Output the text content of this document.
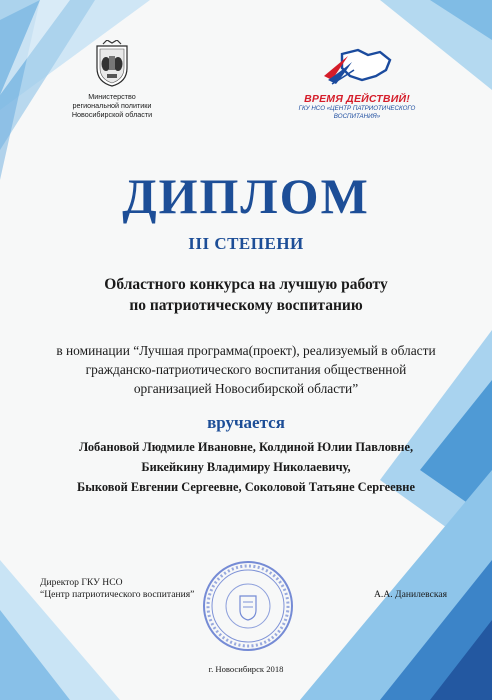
Министерство
региональной политики
Новосибирской области
ВРЕМЯ ДЕЙСТВИЙ!
ГКУ НСО «ЦЕНТР ПАТРИОТИЧЕСКОГО
ВОСПИТАНИЯ»
ДИПЛОМ
III СТЕПЕНИ
Областного конкурса на лучшую работу
по патриотическому воспитанию
в номинации “Лучшая программа(проект), реализуемый в области
гражданско-патриотического воспитания общественной
организацией Новосибирской области”
вручается
Лобановой Людмиле Ивановне, Колдиной Юлии Павловне,
Бикейкину Владимиру Николаевичу,
Быковой Евгении Сергеевне, Соколовой Татьяне Сергеевне
Директор ГКУ НСО
“Центр патриотического воспитания”	А.А. Данилевская
г. Новосибирск 2018
